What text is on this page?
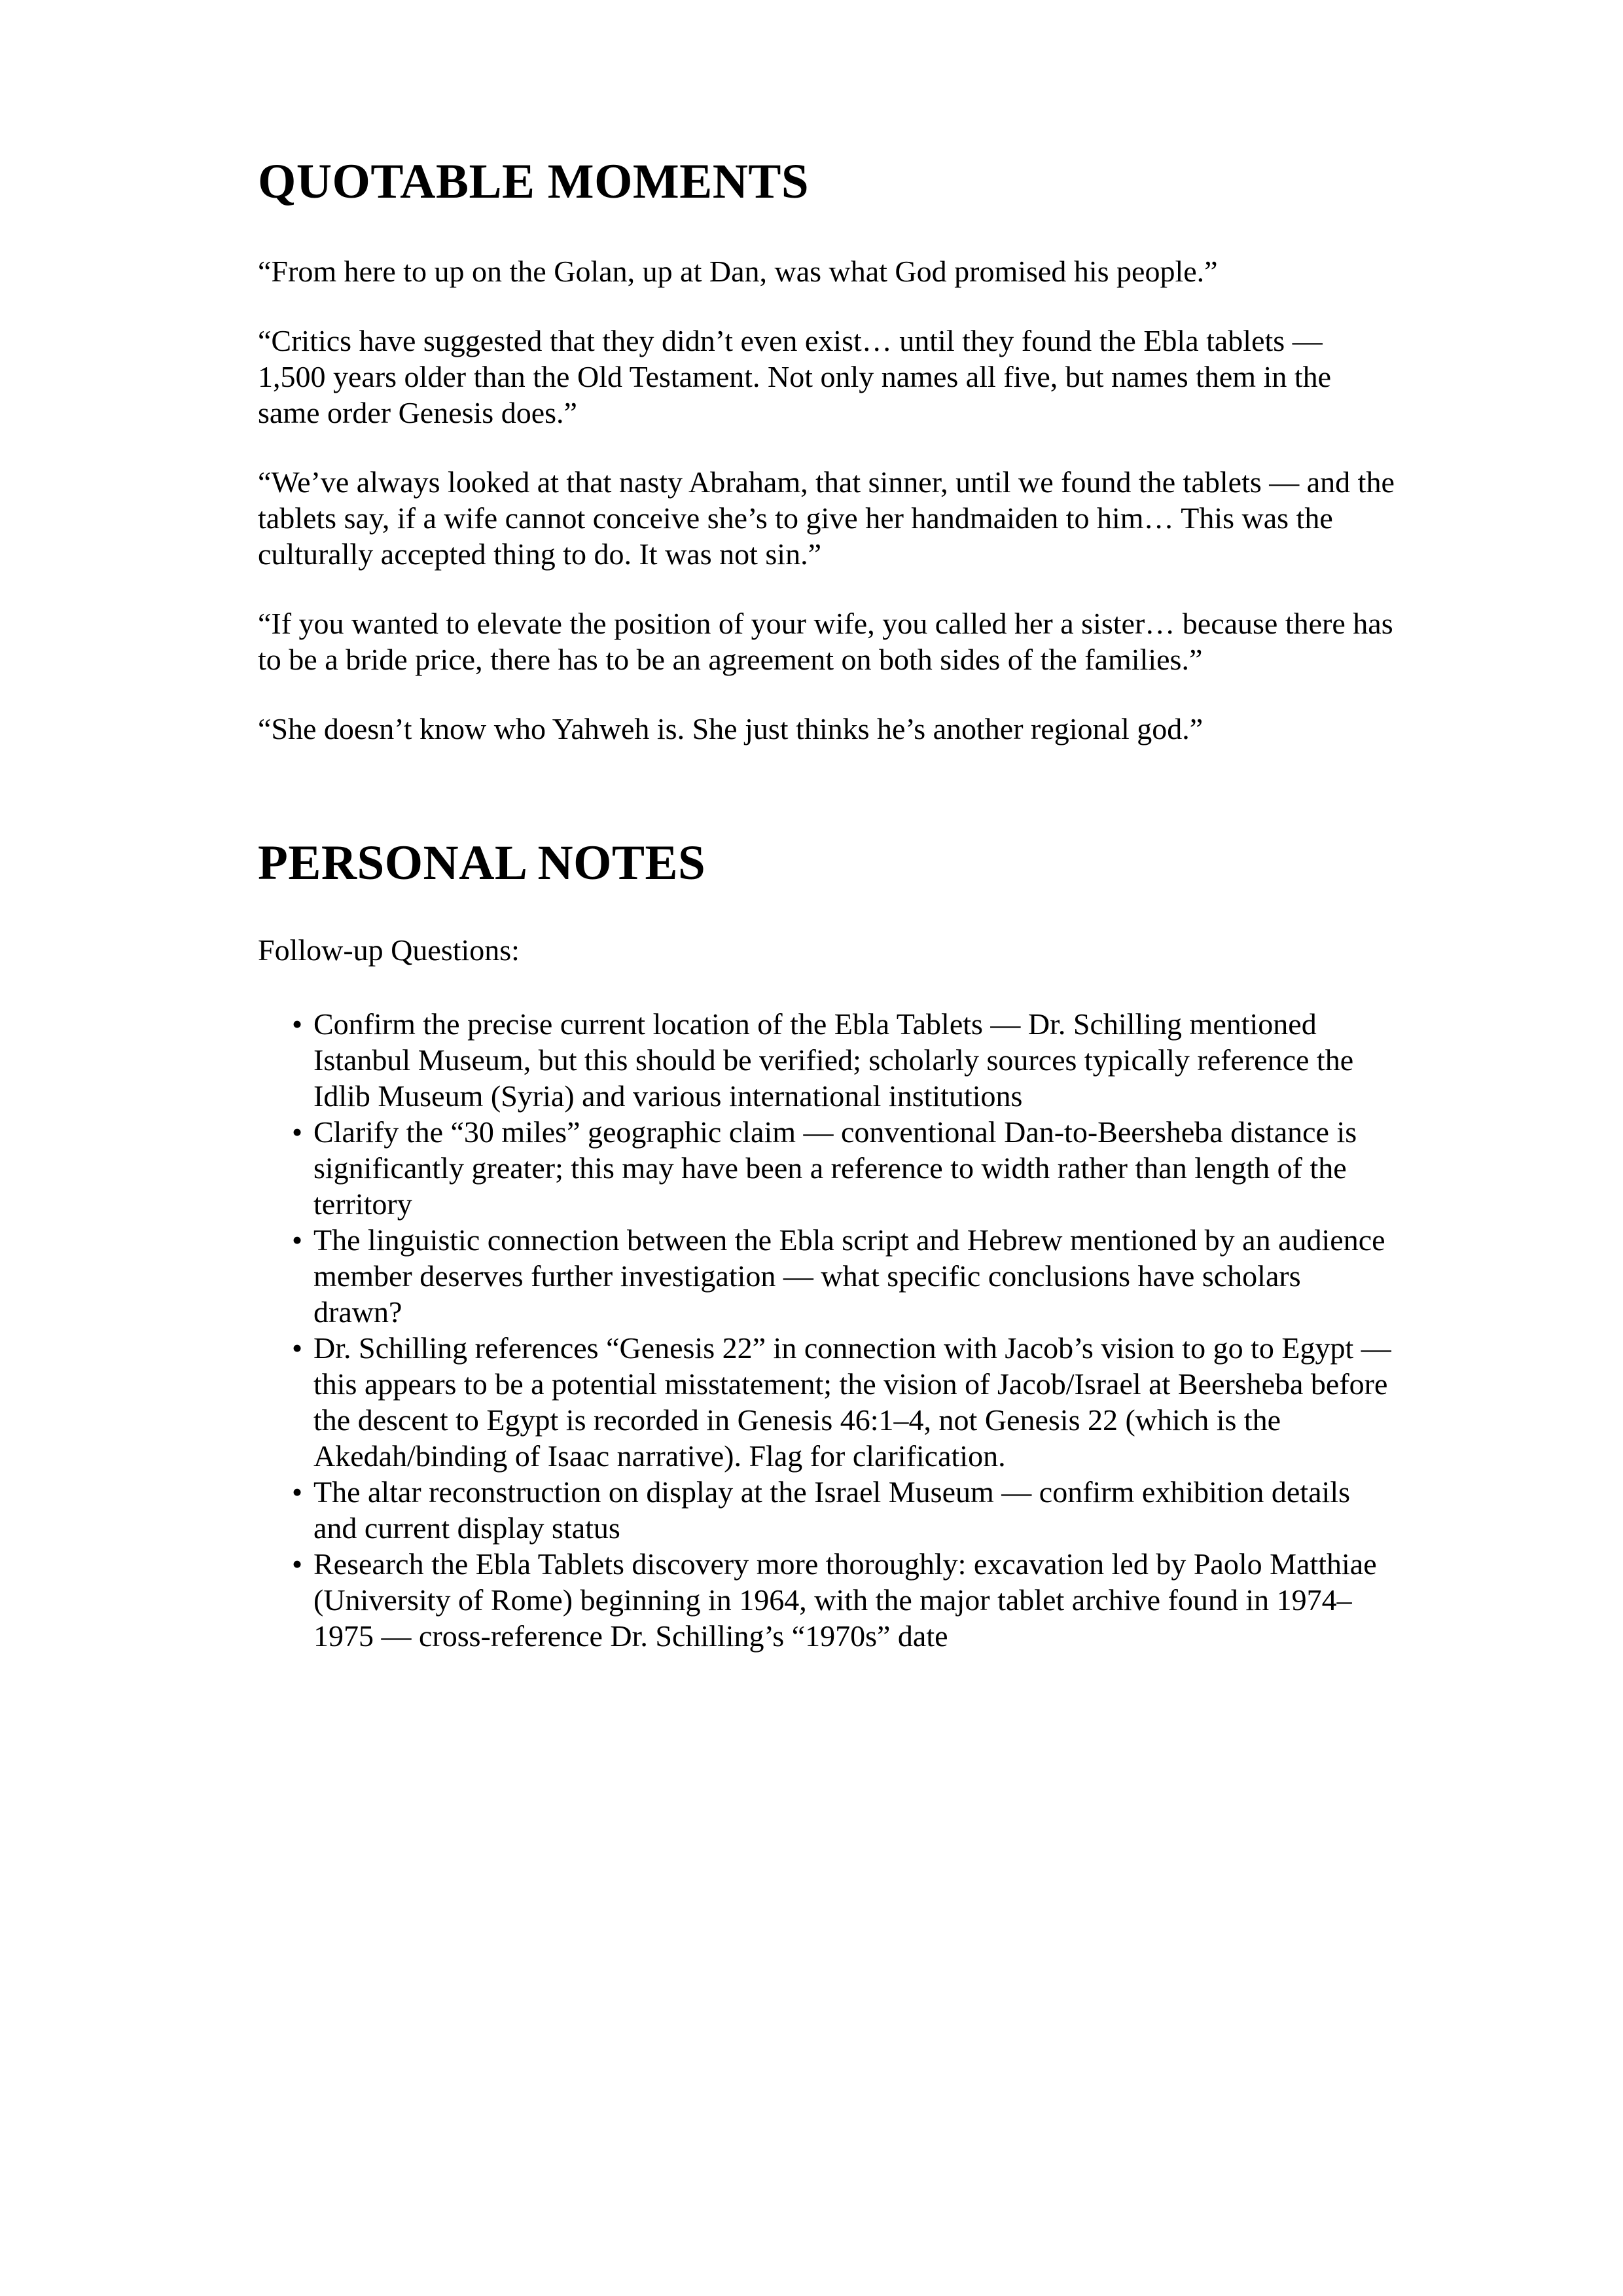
QUOTABLE MOMENTS

“From here to up on the Golan, up at Dan, was what God promised his people.”

“Critics have suggested that they didn’t even exist… until they found the Ebla tablets — 1,500 years older than the Old Testament. Not only names all five, but names them in the same order Genesis does.”

“We’ve always looked at that nasty Abraham, that sinner, until we found the tablets — and the tablets say, if a wife cannot conceive she’s to give her handmaiden to him… This was the culturally accepted thing to do. It was not sin.”

“If you wanted to elevate the position of your wife, you called her a sister… because there has to be a bride price, there has to be an agreement on both sides of the families.”

“She doesn’t know who Yahweh is. She just thinks he’s another regional god.”

PERSONAL NOTES

Follow-up Questions:

• Confirm the precise current location of the Ebla Tablets — Dr. Schilling mentioned Istanbul Museum, but this should be verified; scholarly sources typically reference the Idlib Museum (Syria) and various international institutions
• Clarify the “30 miles” geographic claim — conventional Dan-to-Beersheba distance is significantly greater; this may have been a reference to width rather than length of the territory
• The linguistic connection between the Ebla script and Hebrew mentioned by an audience member deserves further investigation — what specific conclusions have scholars drawn?
• Dr. Schilling references “Genesis 22” in connection with Jacob’s vision to go to Egypt — this appears to be a potential misstatement; the vision of Jacob/Israel at Beersheba before the descent to Egypt is recorded in Genesis 46:1–4, not Genesis 22 (which is the Akedah/binding of Isaac narrative). Flag for clarification.
• The altar reconstruction on display at the Israel Museum — confirm exhibition details and current display status
• Research the Ebla Tablets discovery more thoroughly: excavation led by Paolo Matthiae (University of Rome) beginning in 1964, with the major tablet archive found in 1974–1975 — cross-reference Dr. Schilling’s “1970s” date
